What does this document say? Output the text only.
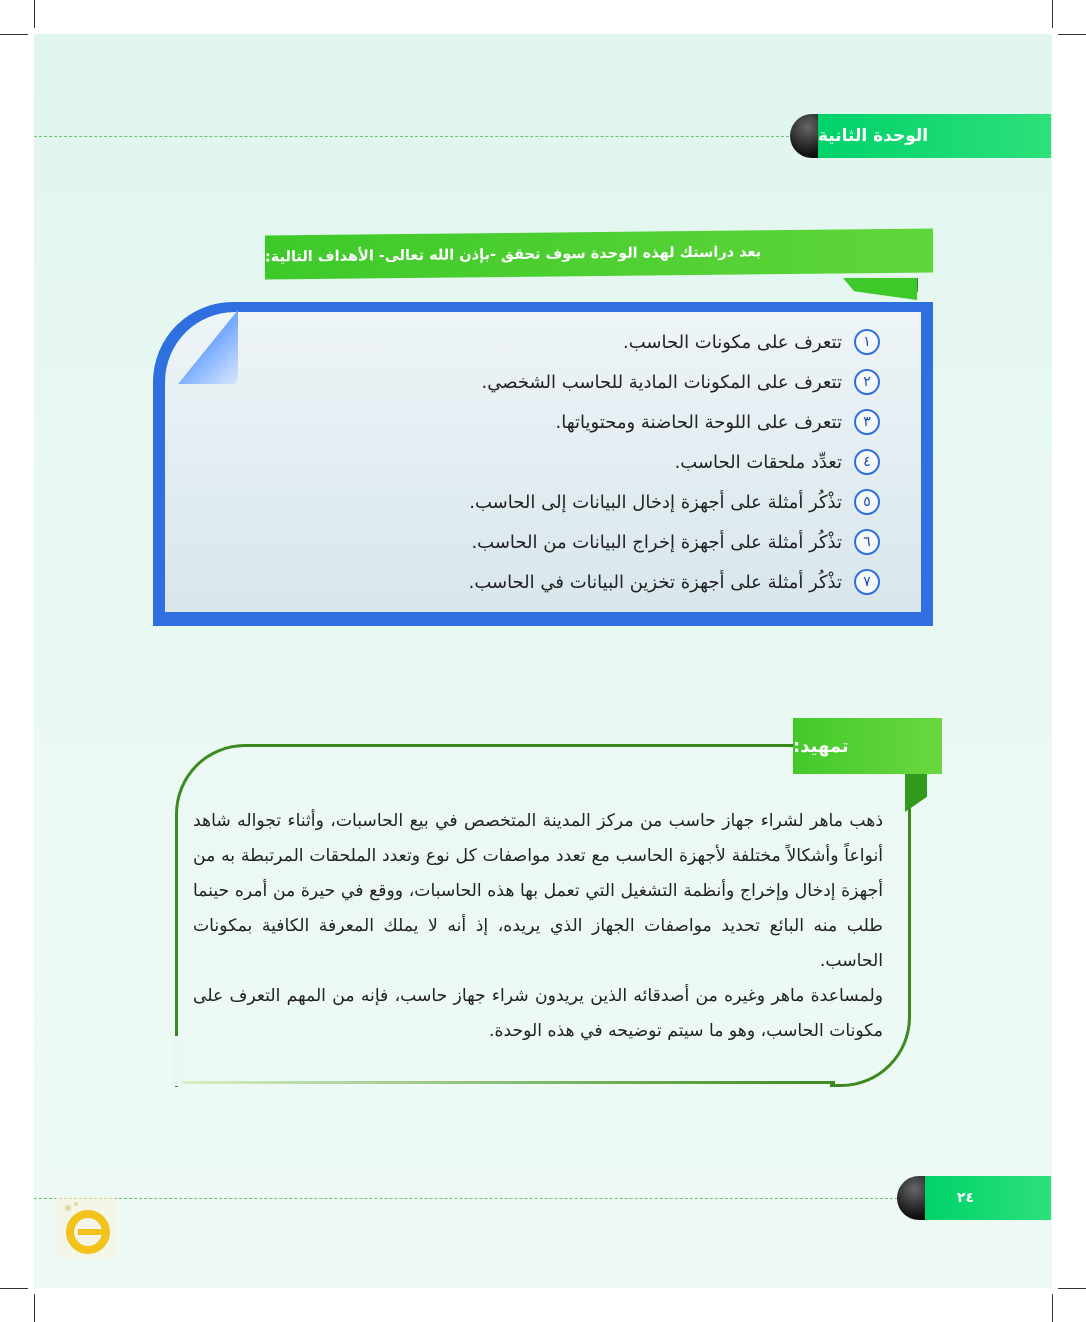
الوحدة الثانية
بعد دراستك لهذه الوحدة سوف تحقق -بإذن الله تعالى- الأهداف التالية:
١
تتعرف على مكونات الحاسب.
٢
تتعرف على المكونات المادية للحاسب الشخصي.
٣
تتعرف على اللوحة الحاضنة ومحتوياتها.
٤
تعدِّد ملحقات الحاسب.
٥
تذْكُر أمثلة على أجهزة إدخال البيانات إلى الحاسب.
٦
تذْكُر أمثلة على أجهزة إخراج البيانات من الحاسب.
٧
تذْكُر أمثلة على أجهزة تخزين البيانات في الحاسب.
تمهيد:

ذهب ماهر لشراء جهاز حاسب من مركز المدينة المتخصص في بيع الحاسبات، وأثناء تجواله شاهد أنواعاً وأشكالاً مختلفة لأجهزة الحاسب مع تعدد مواصفات كل نوع وتعدد الملحقات المرتبطة به من أجهزة إدخال وإخراج وأنظمة التشغيل التي تعمل بها هذه الحاسبات، ووقع في حيرة من أمره حينما طلب منه البائع تحديد مواصفات الجهاز الذي يريده، إذ أنه لا يملك المعرفة الكافية بمكونات الحاسب.

ولمساعدة ماهر وغيره من أصدقائه الذين يريدون شراء جهاز حاسب، فإنه من المهم التعرف على مكونات الحاسب، وهو ما سيتم توضيحه في هذه الوحدة.

٢٤
